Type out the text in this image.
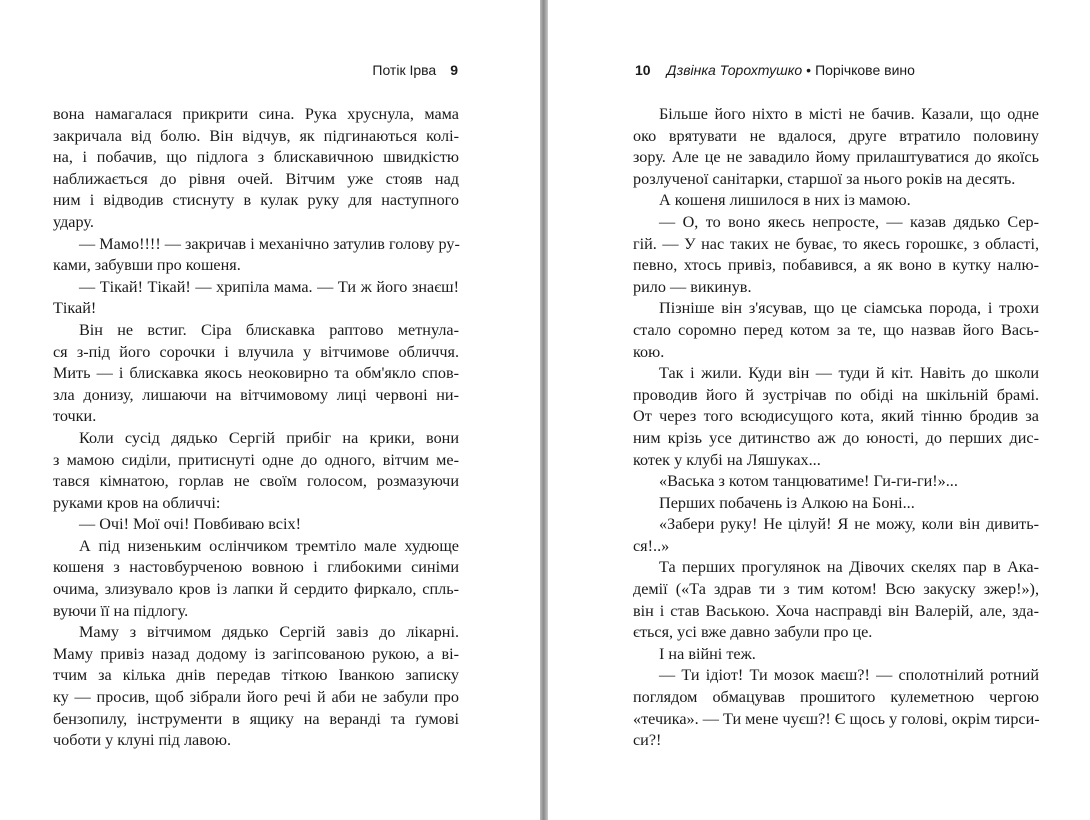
Потік Ірва 9
вона намагалася прикрити сина. Рука хруснула, мама
закричала від болю. Він відчув, як підгинаються колі-
на, і побачив, що підлога з блискавичною швидкістю
наближається до рівня очей. Вітчим уже стояв над
ним і відводив стиснуту в кулак руку для наступного
удару.
— Мамо!!!! — закричав і механічно затулив голову ру-
ками, забувши про кошеня.
— Тікай! Тікай! — хрипіла мама. — Ти ж його знаєш!
Тікай!
Він не встиг. Сіра блискавка раптово метнула-
ся з-під його сорочки і влучила у вітчимове обличчя.
Мить — і блискавка якось неоковирно та обм'якло спов-
зла донизу, лишаючи на вітчимовому лиці червоні ни-
точки.
Коли сусід дядько Сергій прибіг на крики, вони
з мамою сиділи, притиснуті одне до одного, вітчим ме-
тався кімнатою, горлав не своїм голосом, розмазуючи
руками кров на обличчі:
— Очі! Мої очі! Повбиваю всіх!
А під низеньким ослінчиком тремтіло мале худюще
кошеня з настовбурченою вовною і глибокими синіми
очима, злизувало кров із лапки й сердито фиркало, спль-
вуючи її на підлогу.
Маму з вітчимом дядько Сергій завіз до лікарні.
Маму привіз назад додому із загіпсованою рукою, а ві-
тчим за кілька днів передав тіткою Іванкою записку
ку — просив, щоб зібрали його речі й аби не забули про
бензопилу, інструменти в ящику на веранді та ґумові
чоботи у клуні під лавою.
10 Дзвінка Торохтушко • Порічкове вино
Більше його ніхто в місті не бачив. Казали, що одне
око врятувати не вдалося, друге втратило половину
зору. Але це не завадило йому прилаштуватися до якоїсь
розлученої санітарки, старшої за нього років на десять.
А кошеня лишилося в них із мамою.
— О, то воно якесь непросте, — казав дядько Сер-
гій. — У нас таких не буває, то якесь горошкє, з області,
певно, хтось привіз, побавився, а як воно в кутку налю-
рило — викинув.
Пізніше він з'ясував, що це сіамська порода, і трохи
стало соромно перед котом за те, що назвав його Вась-
кою.
Так і жили. Куди він — туди й кіт. Навіть до школи
проводив його й зустрічав по обіді на шкільній брамі.
От через того всюдисущого кота, який тінню бродив за
ним крізь усе дитинство аж до юності, до перших дис-
котек у клубі на Ляшуках...
«Васька з котом танцюватиме! Ги-ги-ги!»...
Перших побачень із Алкою на Боні...
«Забери руку! Не цілуй! Я не можу, коли він дивить-
ся!..»
Та перших прогулянок на Дівочих скелях пар в Ака-
демії («Та здрав ти з тим котом! Всю закуску зжер!»),
він і став Ваською. Хоча насправді він Валерій, але, зда-
ється, усі вже давно забули про це.
І на війні теж.
— Ти ідіот! Ти мозок маєш?! — сполотнілий ротний
поглядом обмацував прошитого кулеметною чергою
«течика». — Ти мене чуєш?! Є щось у голові, окрім тирси-
си?!
